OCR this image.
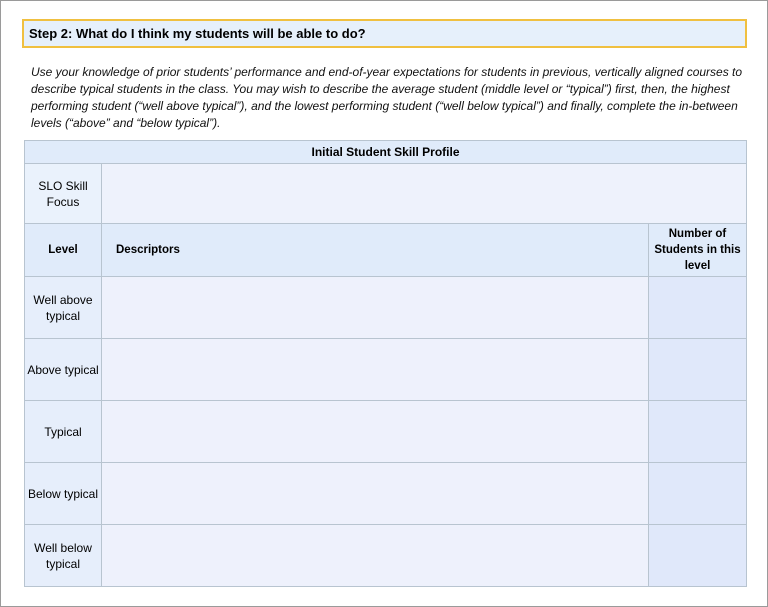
Step 2: What do I think my students will be able to do?
Use your knowledge of prior students’ performance and end-of-year expectations for students in previous, vertically aligned courses to describe typical students in the class. You may wish to describe the average student (middle level or “typical”) first, then, the highest performing student (“well above typical”), and the lowest performing student (“well below typical”) and finally, complete the in-between levels (“above” and “below typical”).
Initial Student Skill Profile		
SLO Skill Focus		
Level	Descriptors	Number of Students in this level
Well above typical		
Above typical		
Typical		
Below typical		
Well below typical		
